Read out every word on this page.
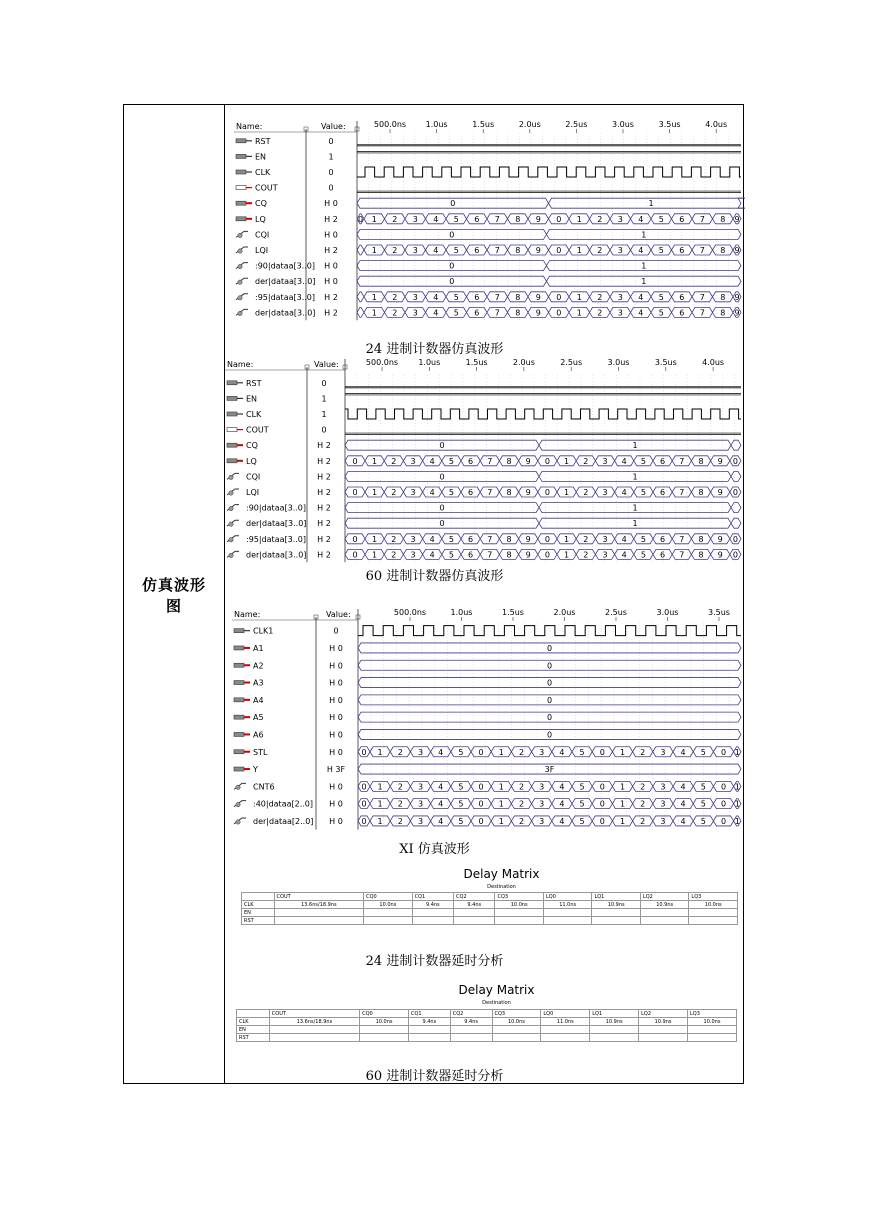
仿真波形
图
Name:	Value:	500.0ns 1.0us	1.5us	2.0us	2.5us	3.0us	3.5us	4.0us
RST	0
EN	1
CLK	0
COUT	0
CQ	H 0	0	1
LQ	H 2	0 1 2 3 4 5 6 7 8 9 0 1 2 3 4 5 6 7 8 9
CQI	H 0	0	1
LQI	H 2	1 2 3 4 5 6 7 8 9 0 1 2 3 4 5 6 7 8 9
:90|dataa[3..0] H 0	0	1
der|dataa[3..0] H 0	0	1
:95|dataa[3..0] H 2	1 2 3 4 5 6 7 8 9 0 1 2 3 4 5 6 7 8 9
der|dataa[3..0] H 2	1 2 3 4 5 6 7 8 9 0 1 2 3 4 5 6 7 8 9
24 进制计数器仿真波形
Name:	Value:	500.0ns	1.0us	1.5us	2.0us	2.5us	3.0us	3.5us	4.0us
RST	0
EN	1
CLK	1
COUT	0
CQ	H 2	0	1
LQ	H 2	0 1 2 3 4 5 6 7 8 9 0 1 2 3 4 5 6 7 8 9 0
CQI	H 2	0	1
LQI	H 2	0 1 2 3 4 5 6 7 8 9 0 1 2 3 4 5 6 7 8 9 0
:90|dataa[3..0] H 2	0	1
der|dataa[3..0] H 2	0	1
:95|dataa[3..0] H 2	0 1 2 3 4 5 6 7 8 9 0 1 2 3 4 5 6 7 8 9 0
der|dataa[3..0] H 2	0 1 2 3 4 5 6 7 8 9 0 1 2 3 4 5 6 7 8 9 0
60 进制计数器仿真波形
Name:	Value:	500.0ns	1.0us	1.5us	2.0us	2.5us	3.0us	3.5us
CLK1	0
A1	H 0	0
A2	H 0	0
A3	H 0	0
A4	H 0	0
A5	H 0	0
A6	H 0	0
STL	H 0 0 1 2 3 4 5 0 1 2 3 4 5 0 1 2 3 4 5 0 1
Y	H 3F	3F
CNT6	H 0 0 1 2 3 4 5 0 1 2 3 4 5 0 1 2 3 4 5 0 1
:40|dataa[2..0] H 0 0 1 2 3 4 5 0 1 2 3 4 5 0 1 2 3 4 5 0 1
der|dataa[2..0] H 0 0 1 2 3 4 5 0 1 2 3 4 5 0 1 2 3 4 5 0 1
XI 仿真波形
Delay Matrix
Destination
	COUT	CQ0	CQ1	CQ2	CQ3	LQ0	LQ1	LQ2	LQ3
CLK	13.6ns/18.9ns	10.0ns	9.4ns	9.4ns	10.0ns	11.0ns	10.9ns	10.9ns	10.0ns
EN									
RST									
24 进制计数器延时分析
Delay Matrix
Destination
	COUT	CQ0	CQ1	CQ2	CQ3	LQ0	LQ1	LQ2	LQ3
CLK	13.6ns/18.9ns	10.0ns	9.4ns	9.4ns	10.0ns	11.0ns	10.9ns	10.9ns	10.0ns
EN									
RST									
60 进制计数器延时分析
